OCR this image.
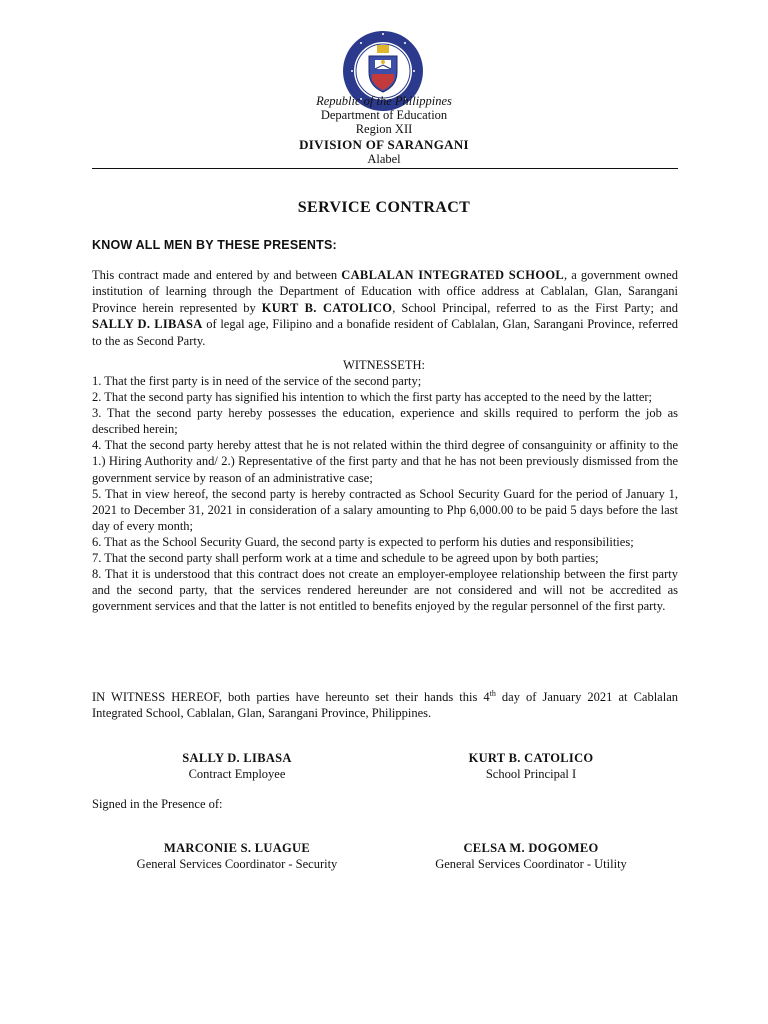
Republic of the Philippines
Department of Education
Region XII
DIVISION OF SARANGANI
Alabel
SERVICE CONTRACT
KNOW ALL MEN BY THESE PRESENTS:
This contract made and entered by and between CABLALAN INTEGRATED SCHOOL, a government owned institution of learning through the Department of Education with office address at Cablalan, Glan, Sarangani Province herein represented by KURT B. CATOLICO, School Principal, referred to as the First Party; and SALLY D. LIBASA of legal age, Filipino and a bonafide resident of Cablalan, Glan, Sarangani Province, referred to the as Second Party.
WITNESSETH:
1. That the first party is in need of the service of the second party;
2. That the second party has signified his intention to which the first party has accepted to the need by the latter;
3. That the second party hereby possesses the education, experience and skills required to perform the job as described herein;
4. That the second party hereby attest that he is not related within the third degree of consanguinity or affinity to the 1.) Hiring Authority and/ 2.) Representative of the first party and that he has not been previously dismissed from the government service by reason of an administrative case;
5. That in view hereof, the second party is hereby contracted as School Security Guard for the period of January 1, 2021 to December 31, 2021 in consideration of a salary amounting to Php 6,000.00 to be paid 5 days before the last day of every month;
6. That as the School Security Guard, the second party is expected to perform his duties and responsibilities;
7. That the second party shall perform work at a time and schedule to be agreed upon by both parties;
8. That it is understood that this contract does not create an employer-employee relationship between the first party and the second party, that the services rendered hereunder are not considered and will not be accredited as government services and that the latter is not entitled to benefits enjoyed by the regular personnel of the first party.
IN WITNESS HEREOF, both parties have hereunto set their hands this 4th day of January 2021 at Cablalan Integrated School, Cablalan, Glan, Sarangani Province, Philippines.
SALLY D. LIBASA
Contract Employee
KURT B. CATOLICO
School Principal I
Signed in the Presence of:
MARCONIE S. LUAGUE
General Services Coordinator - Security
CELSA M. DOGOMEO
General Services Coordinator - Utility
